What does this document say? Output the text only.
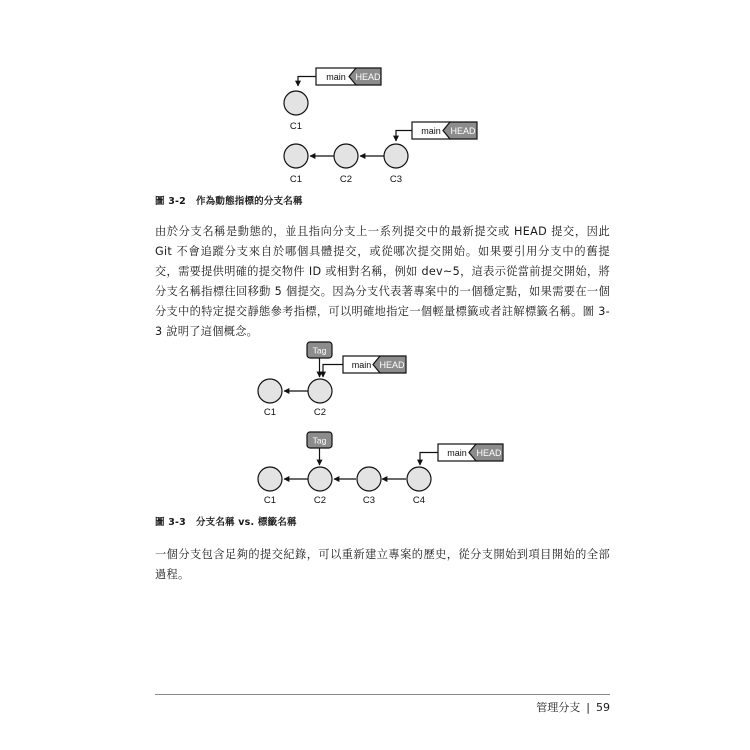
main HEAD
C1	main HEAD
C1	C2	C3
圖 3-2 作為動態指標的分支名稱

由於分支名稱是動態的，並且指向分支上一系列提交中的最新提交或 HEAD 提交，因此 Git 不會追蹤分支來自於哪個具體提交，或從哪次提交開始。如果要引用分支中的舊提交，需要提供明確的提交物件 ID 或相對名稱，例如 dev~5，這表示從當前提交開始，將分支名稱指標往回移動 5 個提交。因為分支代表著專案中的一個穩定點，如果需要在一個分支中的特定提交靜態參考指標，可以明確地指定一個輕量標籤或者註解標籤名稱。圖 3-3 說明了這個概念。

Tag
main HEAD
C1	C2
Tag
main HEAD
C1	C2	C3	C4
圖 3-3 分支名稱 vs. 標籤名稱

一個分支包含足夠的提交紀錄，可以重新建立專案的歷史，從分支開始到項目開始的全部過程。

管理分支 | 59
